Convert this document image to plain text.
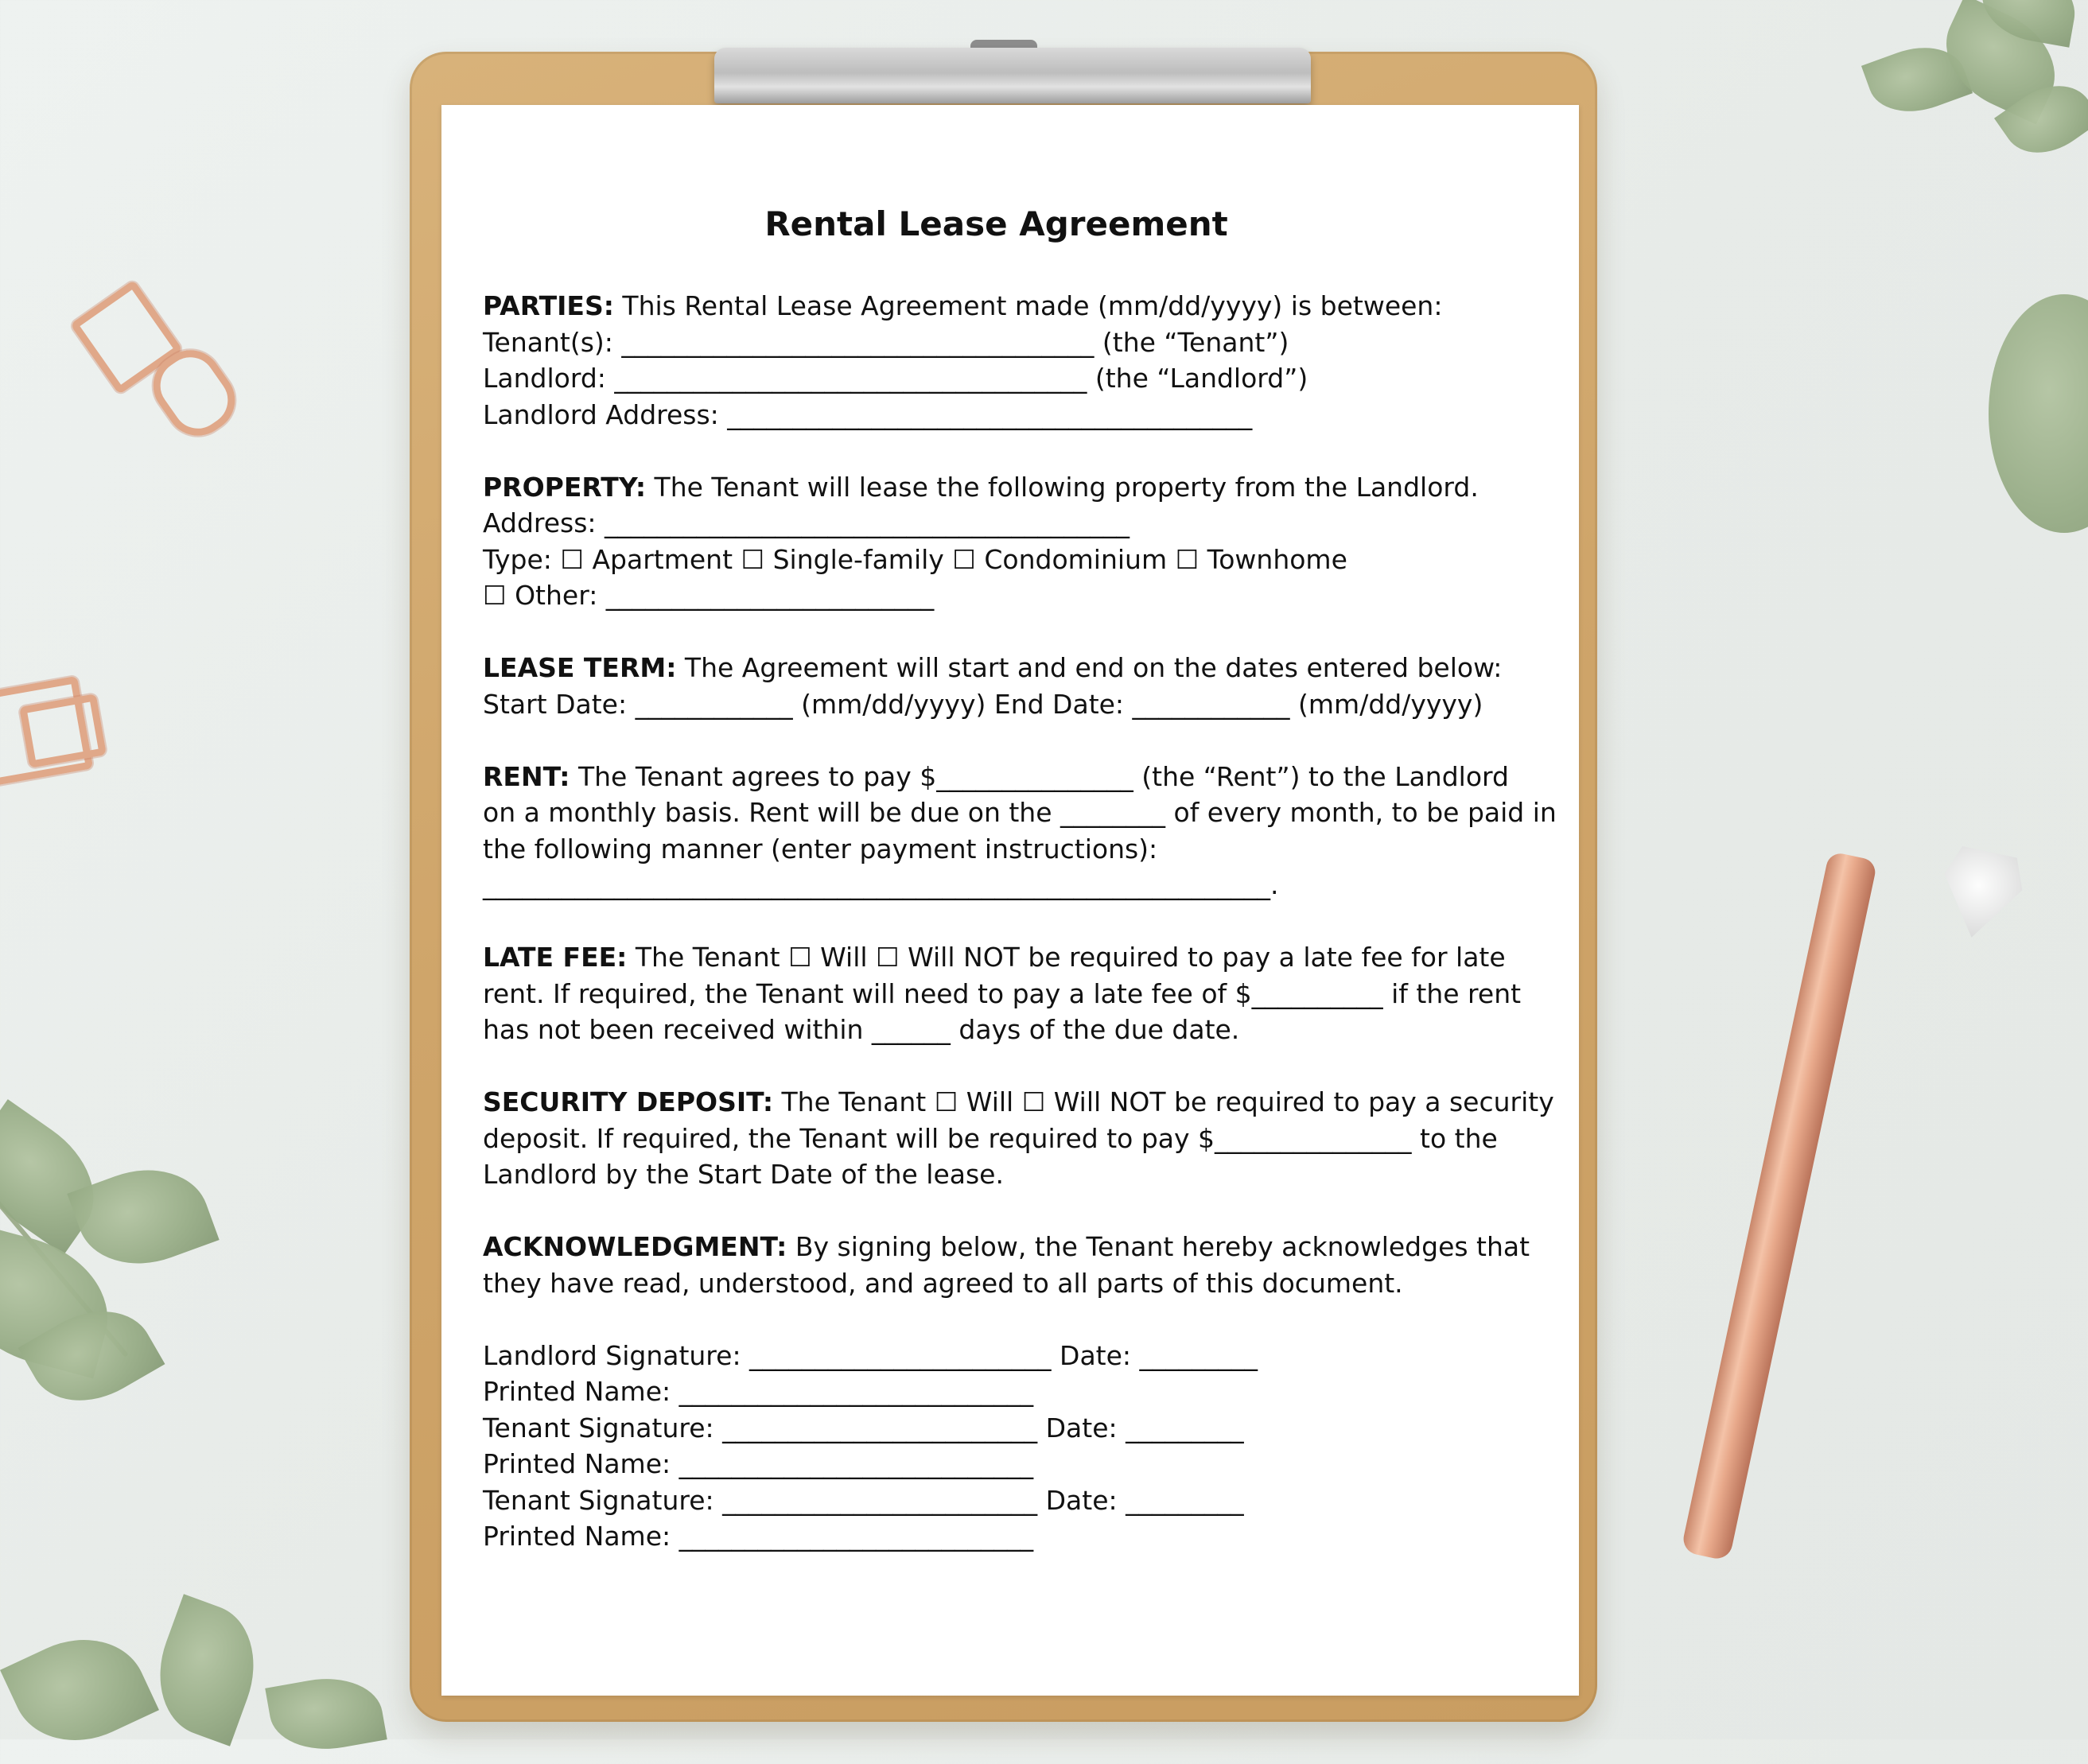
Rental Lease Agreement
PARTIES: This Rental Lease Agreement made (mm/dd/yyyy) is between:
Tenant(s): ____________________________________ (the “Tenant”)
Landlord: ____________________________________ (the “Landlord”)
Landlord Address: ________________________________________
PROPERTY: The Tenant will lease the following property from the Landlord.
Address: ________________________________________
Type: ☐ Apartment ☐ Single-family ☐ Condominium ☐ Townhome
☐ Other: _________________________
LEASE TERM: The Agreement will start and end on the dates entered below:
Start Date: ____________ (mm/dd/yyyy) End Date: ____________ (mm/dd/yyyy)
RENT: The Tenant agrees to pay $_______________ (the “Rent”) to the Landlord
on a monthly basis. Rent will be due on the ________ of every month, to be paid in
the following manner (enter payment instructions):
____________________________________________________________.
LATE FEE: The Tenant ☐ Will ☐ Will NOT be required to pay a late fee for late
rent. If required, the Tenant will need to pay a late fee of $__________ if the rent
has not been received within ______ days of the due date.
SECURITY DEPOSIT: The Tenant ☐ Will ☐ Will NOT be required to pay a security
deposit. If required, the Tenant will be required to pay $_______________ to the
Landlord by the Start Date of the lease.
ACKNOWLEDGMENT: By signing below, the Tenant hereby acknowledges that
they have read, understood, and agreed to all parts of this document.
Landlord Signature: _______________________ Date: _________
Printed Name: ___________________________
Tenant Signature: ________________________ Date: _________
Printed Name: ___________________________
Tenant Signature: ________________________ Date: _________
Printed Name: ___________________________
